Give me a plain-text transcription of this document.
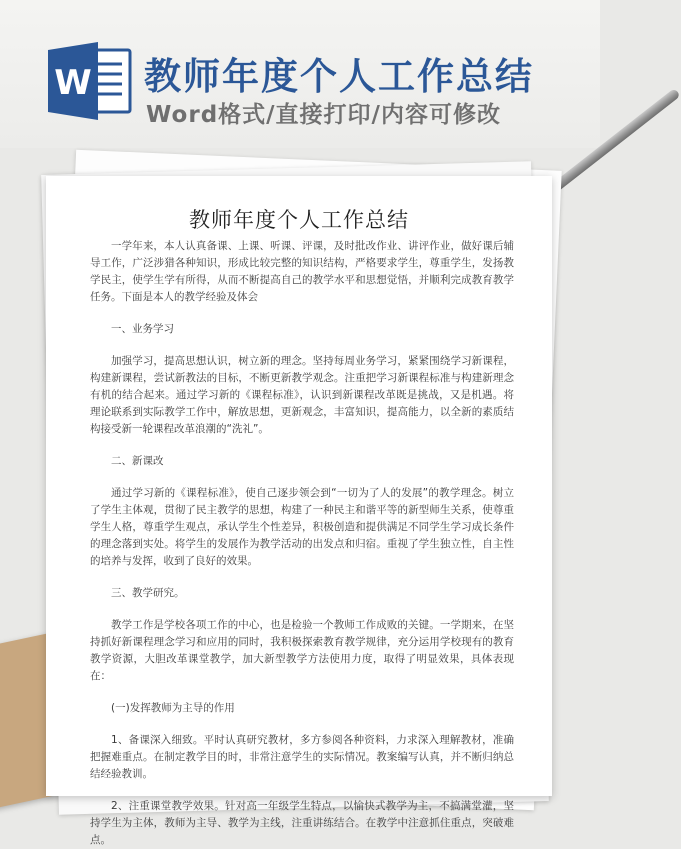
W 教师年度个人工作总结

Word格式/直接打印/内容可修改

教师年度个人工作总结

一学年来，本人认真备课、上课、听课、评课，及时批改作业、讲评作业，做好课后辅导工作，广泛涉猎各种知识，形成比较完整的知识结构，严格要求学生，尊重学生，发扬教学民主，使学生学有所得，从而不断提高自己的教学水平和思想觉悟，并顺利完成教育教学任务。下面是本人的教学经验及体会

一、业务学习

加强学习，提高思想认识，树立新的理念。坚持每周业务学习，紧紧围绕学习新课程，构建新课程，尝试新教法的目标，不断更新教学观念。注重把学习新课程标准与构建新理念有机的结合起来。通过学习新的《课程标准》，认识到新课程改革既是挑战，又是机遇。将理论联系到实际教学工作中，解放思想，更新观念，丰富知识，提高能力，以全新的素质结构接受新一轮课程改革浪潮的“洗礼”。

二、新课改

通过学习新的《课程标准》，使自己逐步领会到“一切为了人的发展”的教学理念。树立了学生主体观，贯彻了民主教学的思想，构建了一种民主和谐平等的新型师生关系，使尊重学生人格，尊重学生观点，承认学生个性差异，积极创造和提供满足不同学生学习成长条件的理念落到实处。将学生的发展作为教学活动的出发点和归宿。重视了学生独立性，自主性的培养与发挥，收到了良好的效果。

三、教学研究。

教学工作是学校各项工作的中心，也是检验一个教师工作成败的关键。一学期来，在坚持抓好新课程理念学习和应用的同时，我积极探索教育教学规律，充分运用学校现有的教育教学资源，大胆改革课堂教学，加大新型教学方法使用力度，取得了明显效果，具体表现在：

(一)发挥教师为主导的作用

1、备课深入细致。平时认真研究教材，多方参阅各种资料，力求深入理解教材，准确把握难重点。在制定教学目的时，非常注意学生的实际情况。教案编写认真，并不断归纳总结经验教训。

2、注重课堂教学效果。针对高一年级学生特点，以愉快式教学为主，不搞满堂灌，坚持学生为主体，教师为主导、教学为主线，注重讲练结合。在教学中注意抓住重点，突破难点。
